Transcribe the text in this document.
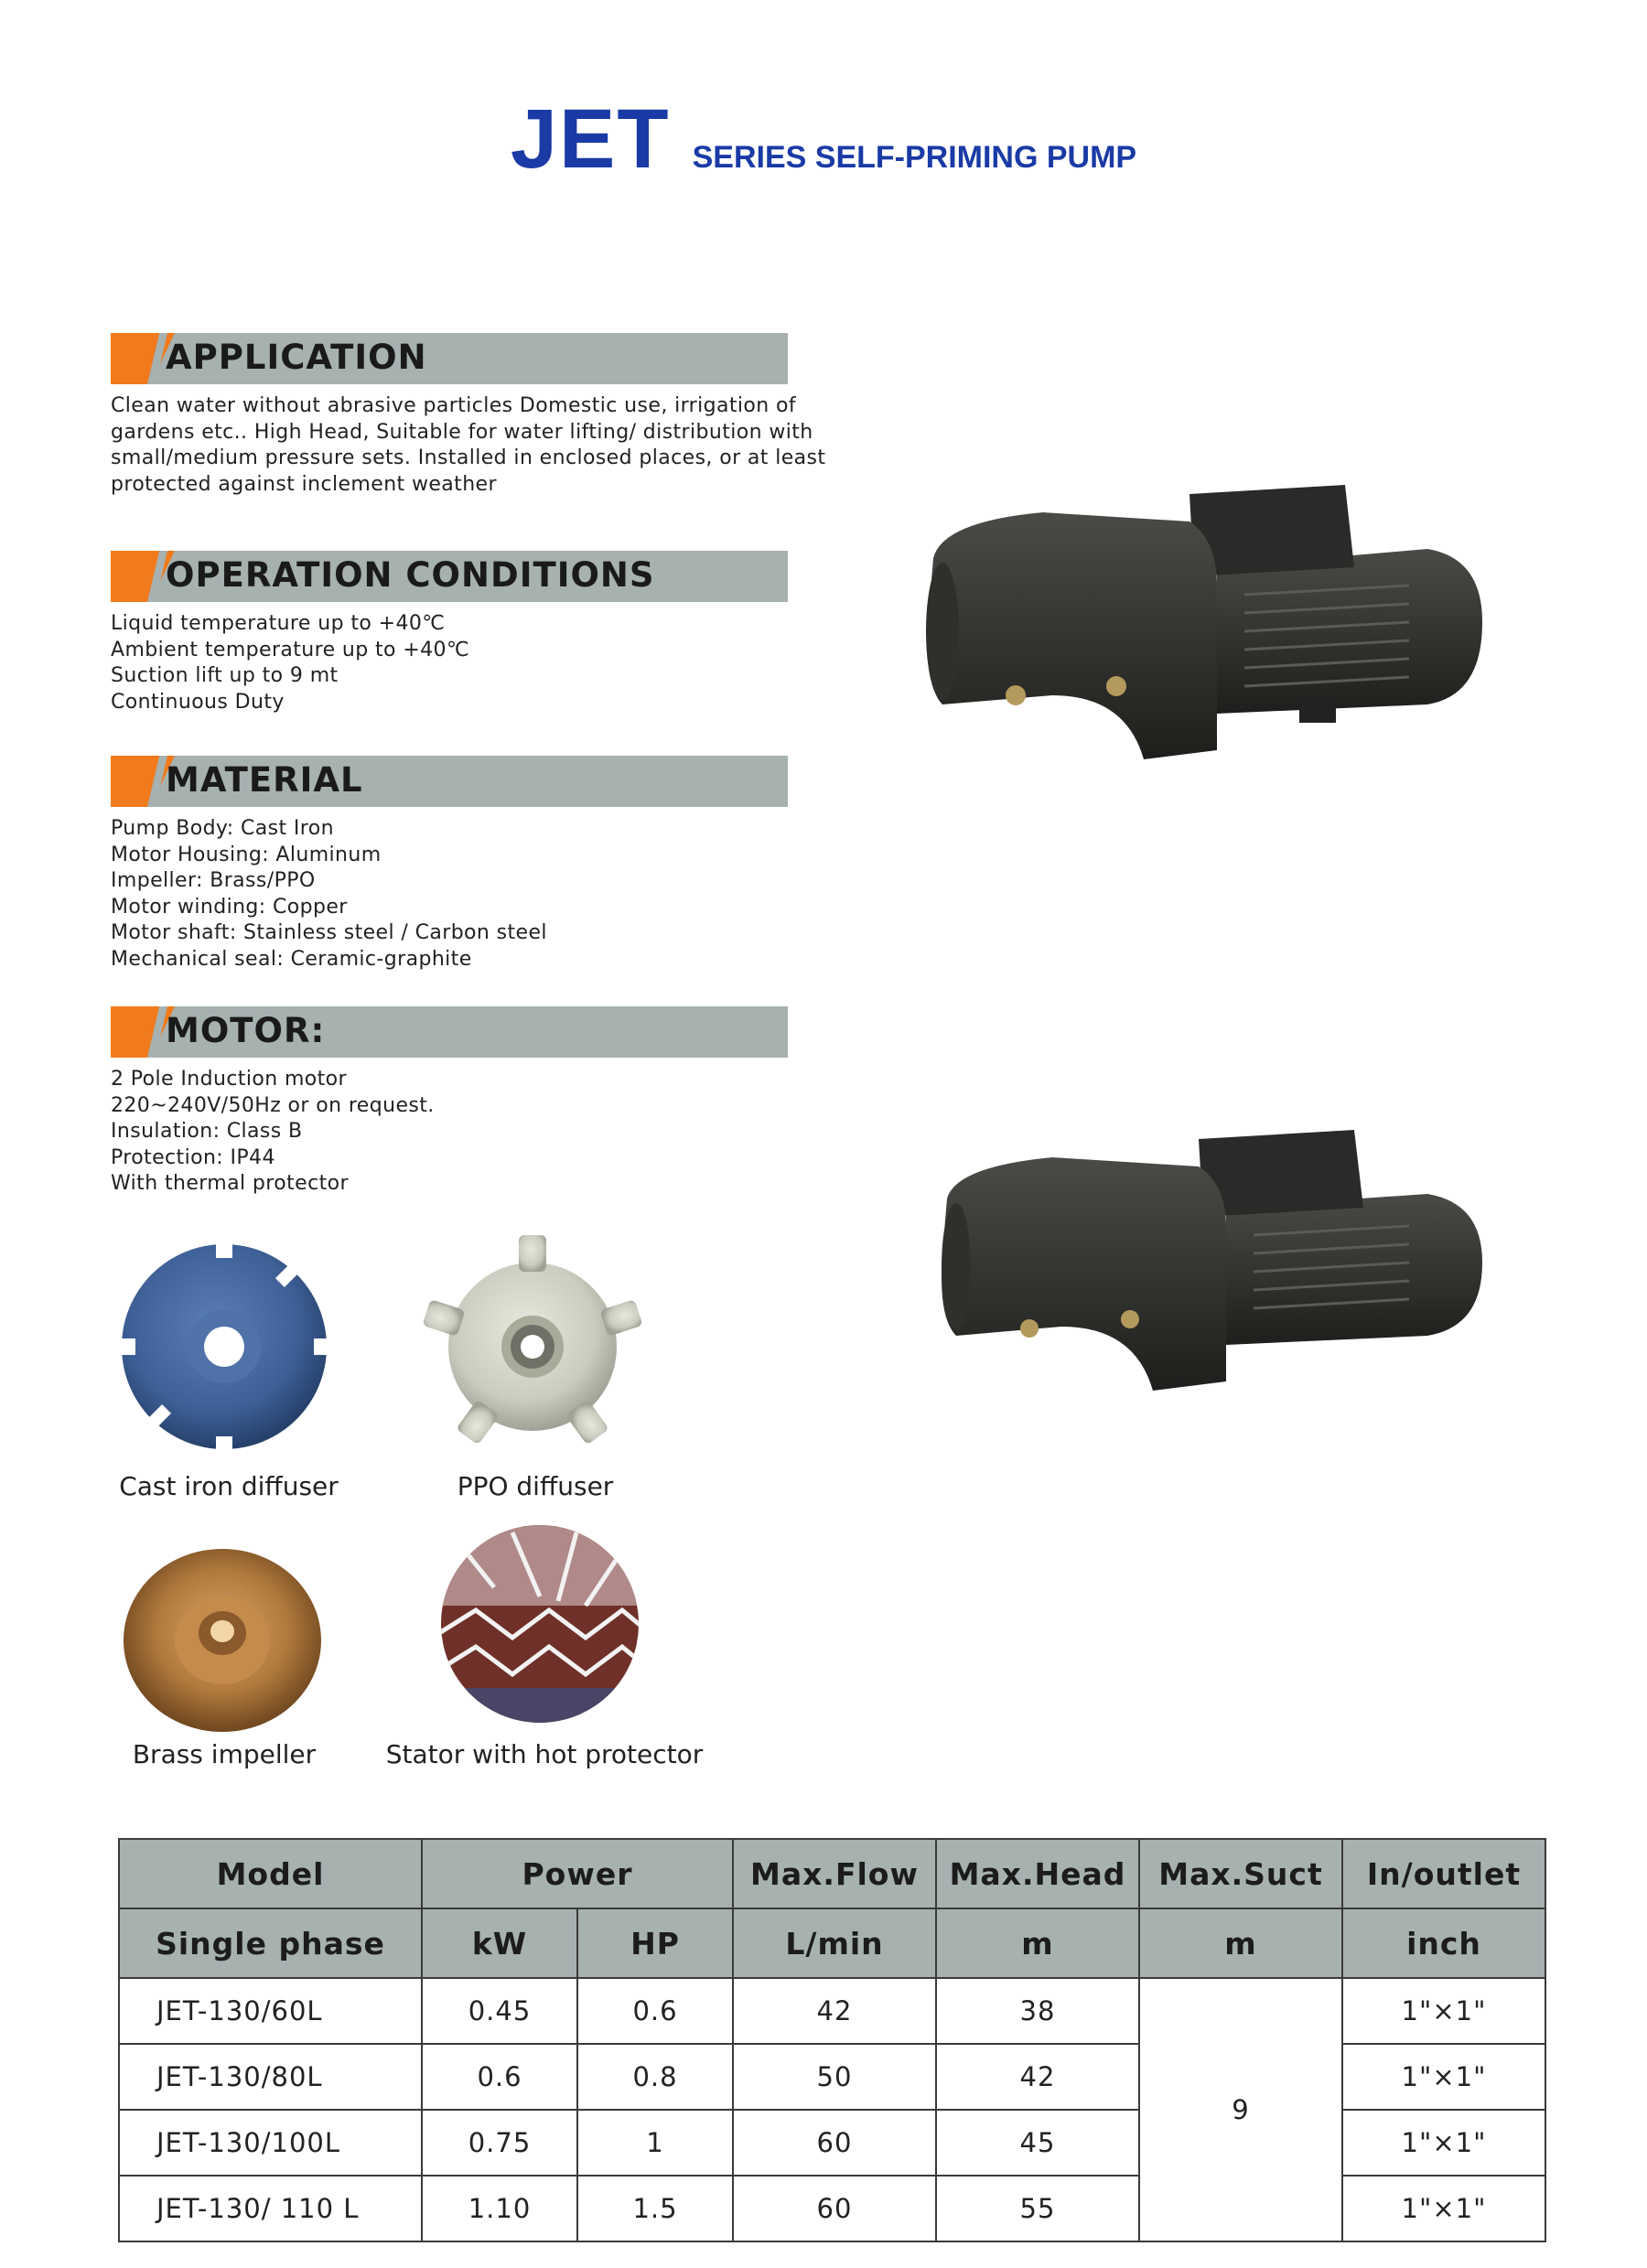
JET SERIES SELF-PRIMING PUMP
APPLICATION
Clean water without abrasive particles Domestic use, irrigation of
gardens etc.. High Head, Suitable for water lifting/ distribution with
small/medium pressure sets. Installed in enclosed places, or at least
protected against inclement weather
OPERATION CONDITIONS
Liquid temperature up to +40℃
Ambient temperature up to +40℃
Suction lift up to 9 mt
Continuous Duty
MATERIAL
Pump Body: Cast Iron
Motor Housing: Aluminum
Impeller: Brass/PPO
Motor winding: Copper
Motor shaft: Stainless steel / Carbon steel
Mechanical seal: Ceramic-graphite
MOTOR:
2 Pole Induction motor
220~240V/50Hz or on request.
Insulation: Class B
Protection: IP44
With thermal protector
Cast iron diffuser	PPO diffuser
Brass impeller	Stator with hot protector
Model	Power		Max.Flow	Max.Head	Max.Suct	In/outlet
Single phase	kW	HP	L/min	m	m	inch
JET-130/60L	0.45	0.6	42	38	9	1"×1"
JET-130/80L	0.6	0.8	50	42		1"×1"
JET-130/100L	0.75	1	60	45		1"×1"
JET-130/ 110 L	1.10	1.5	60	55		1"×1"
